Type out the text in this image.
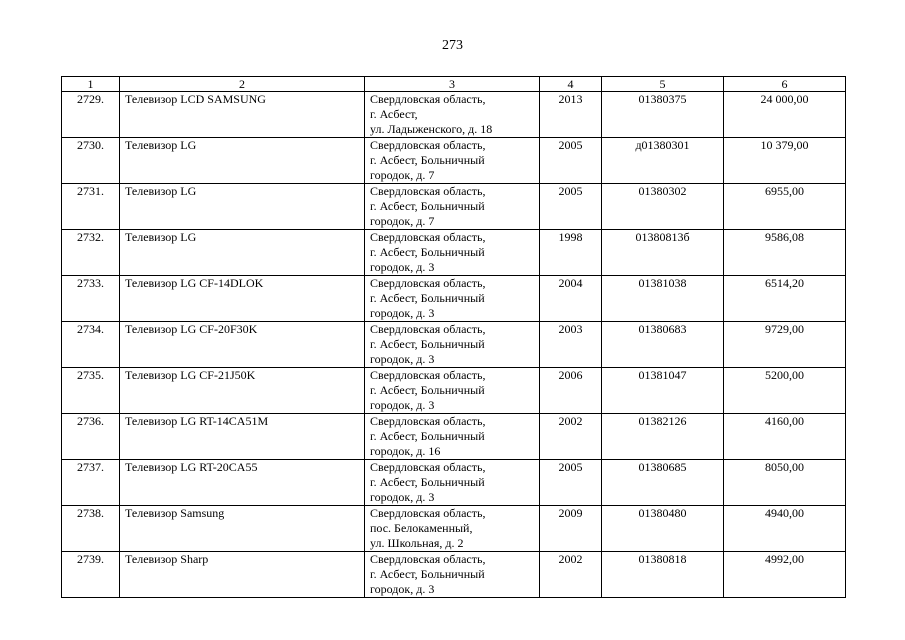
273
1	2	3	4	5	6
2729.	Телевизор LCD SAMSUNG	Свердловская область,
г. Асбест,
ул. Ладыженского, д. 18	2013	01380375	24 000,00
2730.	Телевизор LG	Свердловская область,
г. Асбест, Больничный
городок, д. 7	2005	д01380301	10 379,00
2731.	Телевизор LG	Свердловская область,
г. Асбест, Больничный
городок, д. 7	2005	01380302	6955,00
2732.	Телевизор LG	Свердловская область,
г. Асбест, Больничный
городок, д. 3	1998	01380813б	9586,08
2733.	Телевизор LG CF-14DLOK	Свердловская область,
г. Асбест, Больничный
городок, д. 3	2004	01381038	6514,20
2734.	Телевизор LG CF-20F30K	Свердловская область,
г. Асбест, Больничный
городок, д. 3	2003	01380683	9729,00
2735.	Телевизор LG CF-21J50K	Свердловская область,
г. Асбест, Больничный
городок, д. 3	2006	01381047	5200,00
2736.	Телевизор LG RT-14CA51M	Свердловская область,
г. Асбест, Больничный
городок, д. 16	2002	01382126	4160,00
2737.	Телевизор LG RT-20CA55	Свердловская область,
г. Асбест, Больничный
городок, д. 3	2005	01380685	8050,00
2738.	Телевизор Samsung	Свердловская область,
пос. Белокаменный,
ул. Школьная, д. 2	2009	01380480	4940,00
2739.	Телевизор Sharp	Свердловская область,
г. Асбест, Больничный
городок, д. 3	2002	01380818	4992,00
